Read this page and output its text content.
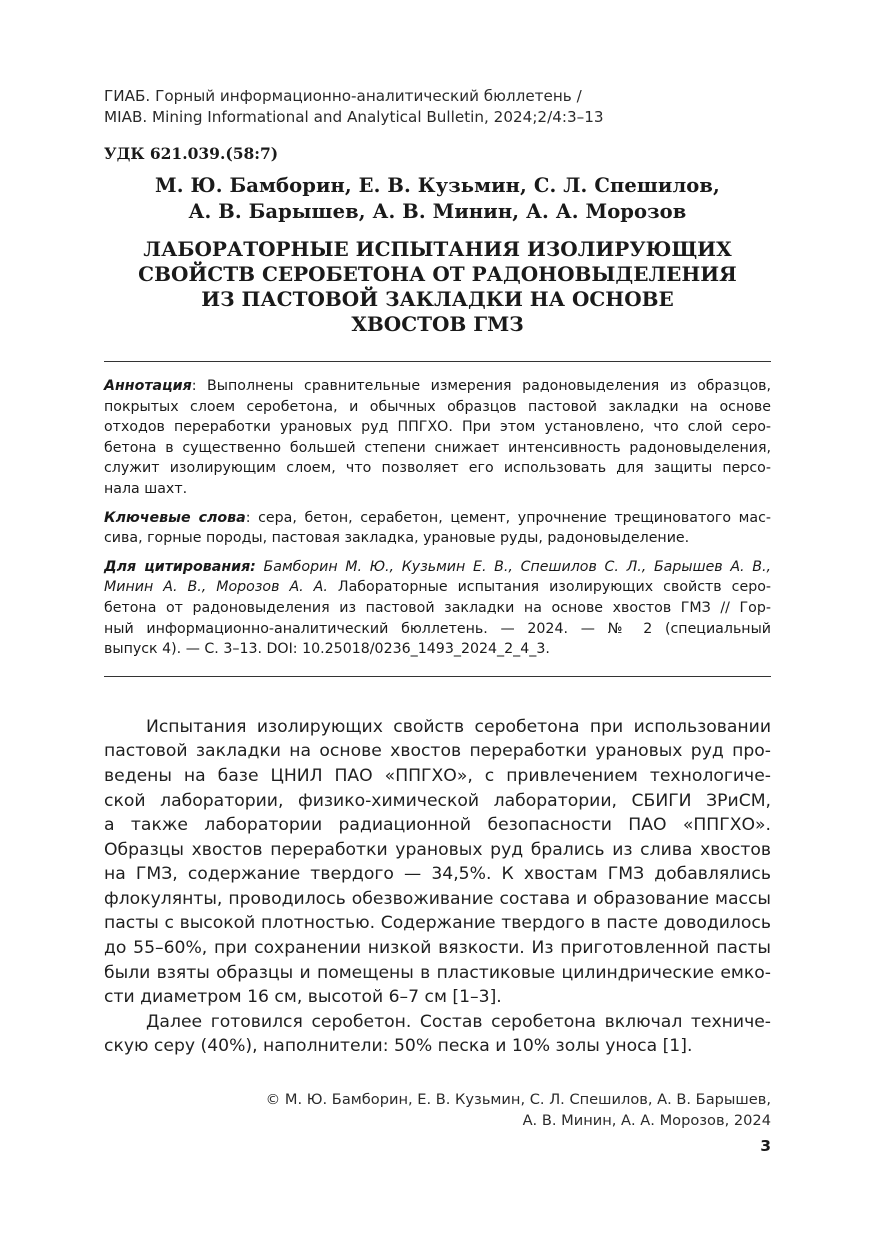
ГИАБ. Горный информационно-аналитический бюллетень /
MIAB. Mining Informational and Analytical Bulletin, 2024;2/4:3–13
УДК 621.039.(58:7)
М. Ю. Бамборин, Е. В. Кузьмин, С. Л. Спешилов,
А. В. Барышев, А. В. Минин, А. А. Морозов
ЛАБОРАТОРНЫЕ ИСПЫТАНИЯ ИЗОЛИРУЮЩИХ
СВОЙСТВ СЕРОБЕТОНА ОТ РАДОНОВЫДЕЛЕНИЯ
ИЗ ПАСТОВОЙ ЗАКЛАДКИ НА ОСНОВЕ
ХВОСТОВ ГМЗ

Аннотация: Выполнены сравнительные измерения радоновыделения из образцов,
покрытых слоем серобетона, и обычных образцов пастовой закладки на основе
отходов переработки урановых руд ППГХО. При этом установлено, что слой серо-
бетона в существенно большей степени снижает интенсивность радоновыделения,
служит изолирующим слоем, что позволяет его использовать для защиты персо-
нала шахт.

Ключевые слова: сера, бетон, серабетон, цемент, упрочнение трещиноватого мас-
сива, горные породы, пастовая закладка, урановые руды, радоновыделение.

Для цитирования: Бамборин М. Ю., Кузьмин Е. В., Спешилов С. Л., Барышев А. В.,
Минин А. В., Морозов А. А. Лабораторные испытания изолирующих свойств серо-
бетона от радоновыделения из пастовой закладки на основе хвостов ГМЗ // Гор-
ный информационно-аналитический бюллетень. — 2024. — № 2 (специальный
выпуск 4). — С. 3–13. DOI: 10.25018/0236_1493_2024_2_4_3.

Испытания изолирующих свойств серобетона при использовании
пастовой закладки на основе хвостов переработки урановых руд про-
ведены на базе ЦНИЛ ПАО «ППГХО», с привлечением технологиче-
ской лаборатории, физико-химической лаборатории, СБИГИ ЗРиСМ,
а также лаборатории радиационной безопасности ПАО «ППГХО».
Образцы хвостов переработки урановых руд брались из слива хвостов
на ГМЗ, содержание твердого — 34,5%. К хвостам ГМЗ добавлялись
флокулянты, проводилось обезвоживание состава и образование массы
пасты с высокой плотностью. Содержание твердого в пасте доводилось
до 55–60%, при сохранении низкой вязкости. Из приготовленной пасты
были взяты образцы и помещены в пластиковые цилиндрические емко-
сти диаметром 16 см, высотой 6–7 см [1–3].

Далее готовился серобетон. Состав серобетона включал техниче-
скую серу (40%), наполнители: 50% песка и 10% золы уноса [1].

© М. Ю. Бамборин, Е. В. Кузьмин, С. Л. Спешилов, А. В. Барышев,
А. В. Минин, А. А. Морозов, 2024
3
